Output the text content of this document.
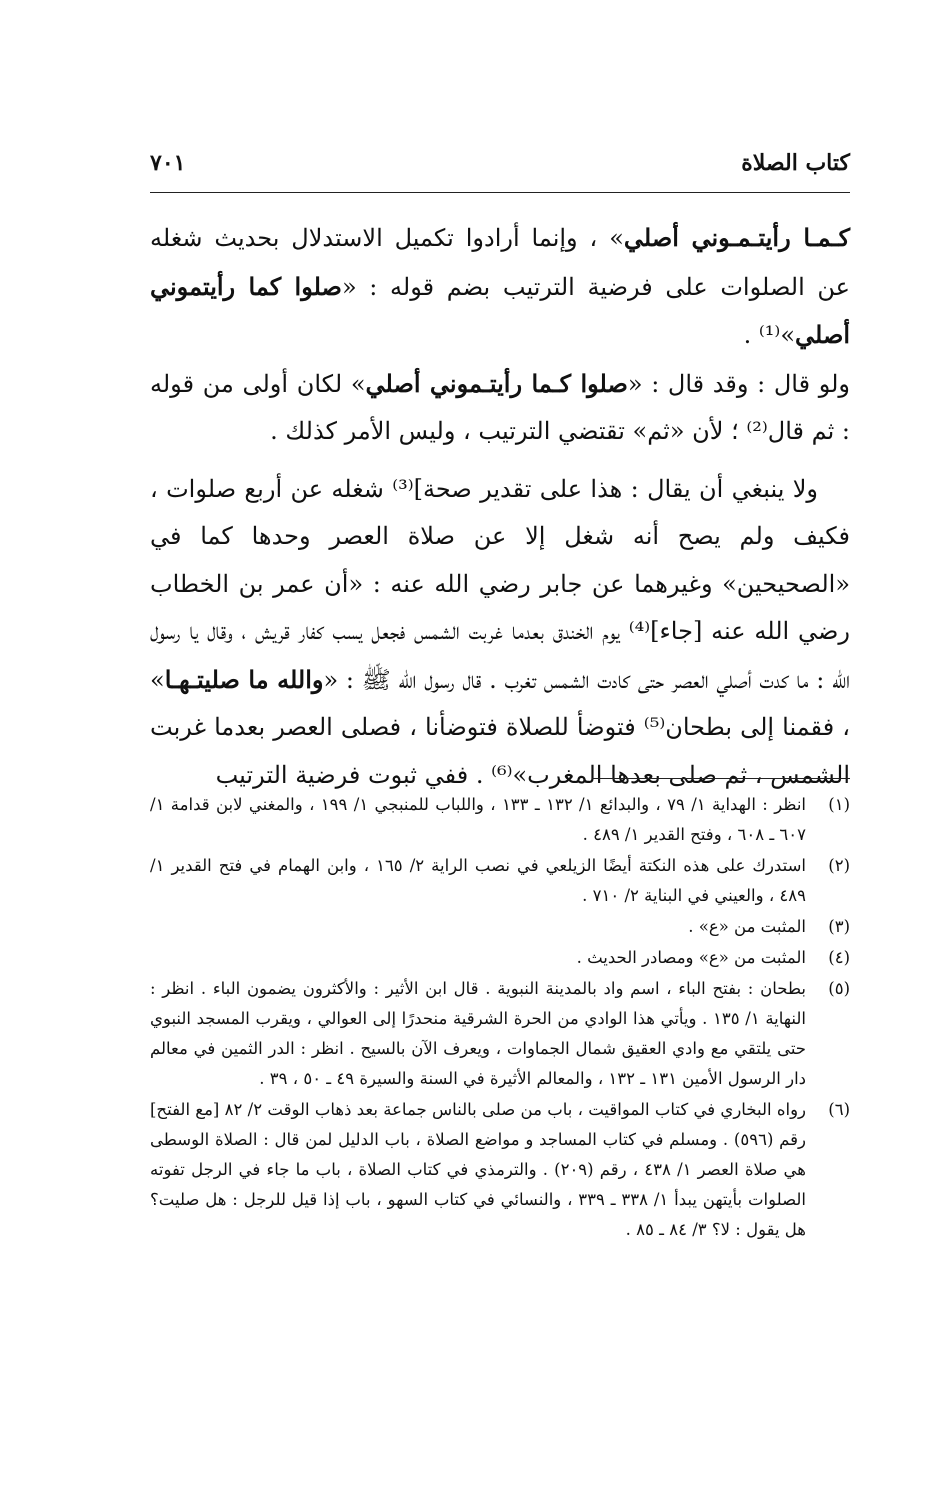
كتاب الصلاة
٧٠١

كـمـا رأيتـمـوني أصلي» ، وإنما أرادوا تكميل الاستدلال بحديث شغله عن الصلوات على فرضية الترتيب بضم قوله : «صلوا كما رأيتموني أصلي»⁽¹⁾ .

ولو قال : وقد قال : «صلوا كـما رأيتـموني أصلي» لكان أولى من قوله : ثم قال⁽²⁾ ؛ لأن «ثم» تقتضي الترتيب ، وليس الأمر كذلك .

ولا ينبغي أن يقال : هذا على تقدير صحة]⁽³⁾ شغله عن أربع صلوات ، فكيف ولم يصح أنه شغل إلا عن صلاة العصر وحدها كما في «الصحيحين» وغيرهما عن جابر رضي الله عنه : «أن عمر بن الخطاب رضي الله عنه [جاء]⁽⁴⁾ يوم الخندق بعدما غربت الشمس فجعل يسب كفار قريش ، وقال يا رسول الله : ما كدت أصلي العصر حتى كادت الشمس تغرب . قال رسول الله ﷺ : «والله ما صليتـهـا» ، فقمنا إلى بطحان⁽⁵⁾ فتوضأ للصلاة فتوضأنا ، فصلى العصر بعدما غربت الشمس ، ثم صلى بعدها المغرب»⁽⁶⁾ . ففي ثبوت فرضية الترتيب

(١)
انظر : الهداية ١/ ٧٩ ، والبدائع ١/ ١٣٢ ـ ١٣٣ ، واللباب للمنبجي ١/ ١٩٩ ، والمغني لابن قدامة ١/ ٦٠٧ ـ ٦٠٨ ، وفتح القدير ١/ ٤٨٩ .
(٢)
استدرك على هذه النكتة أيضًا الزيلعي في نصب الراية ٢/ ١٦٥ ، وابن الهمام في فتح القدير ١/ ٤٨٩ ، والعيني في البناية ٢/ ٧١٠ .
(٣)
المثبت من «ع» .
(٤)
المثبت من «ع» ومصادر الحديث .
(٥)
بطحان : بفتح الباء ، اسم واد بالمدينة النبوية . قال ابن الأثير : والأكثرون يضمون الباء . انظر : النهاية ١/ ١٣٥ . ويأتي هذا الوادي من الحرة الشرقية منحدرًا إلى العوالي ، ويقرب المسجد النبوي حتى يلتقي مع وادي العقيق شمال الجماوات ، ويعرف الآن بالسيح . انظر : الدر الثمين في معالم دار الرسول الأمين ١٣١ ـ ١٣٢ ، والمعالم الأثيرة في السنة والسيرة ٤٩ ـ ٥٠ ، ٣٩ .
(٦)
رواه البخاري في كتاب المواقيت ، باب من صلى بالناس جماعة بعد ذهاب الوقت ٢/ ٨٢ [مع الفتح] رقم (٥٩٦) . ومسلم في كتاب المساجد و مواضع الصلاة ، باب الدليل لمن قال : الصلاة الوسطى هي صلاة العصر ١/ ٤٣٨ ، رقم (٢٠٩) . والترمذي في كتاب الصلاة ، باب ما جاء في الرجل تفوته الصلوات بأيتهن يبدأ ١/ ٣٣٨ ـ ٣٣٩ ، والنسائي في كتاب السهو ، باب إذا قيل للرجل : هل صليت؟ هل يقول : لا؟ ٣/ ٨٤ ـ ٨٥ .
